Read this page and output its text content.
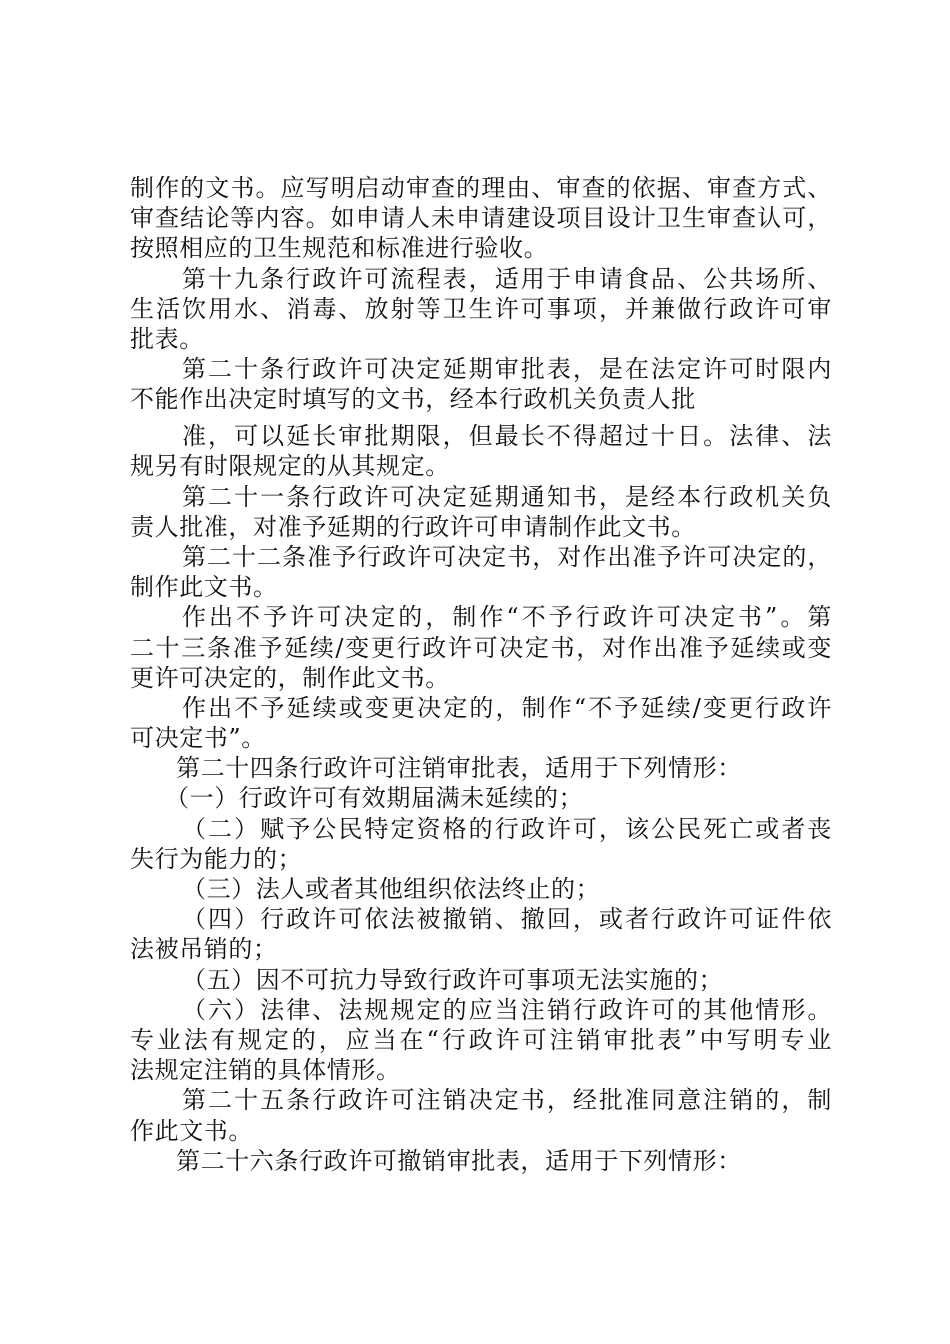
制作的文书。应写明启动审查的理由、审查的依据、审查方式、
审查结论等内容。如申请人未申请建设项目设计卫生审查认可，
按照相应的卫生规范和标准进行验收。
第十九条行政许可流程表，适用于申请食品、公共场所、
生活饮用水、消毒、放射等卫生许可事项，并兼做行政许可审
批表。
第二十条行政许可决定延期审批表，是在法定许可时限内
不能作出决定时填写的文书，经本行政机关负责人批
准，可以延长审批期限，但最长不得超过十日。法律、法
规另有时限规定的从其规定。
第二十一条行政许可决定延期通知书，是经本行政机关负
责人批准，对准予延期的行政许可申请制作此文书。
第二十二条准予行政许可决定书，对作出准予许可决定的，
制作此文书。
作出不予许可决定的，制作“不予行政许可决定书”。第
二十三条准予延续/变更行政许可决定书，对作出准予延续或变
更许可决定的，制作此文书。
作出不予延续或变更决定的，制作“不予延续/变更行政许
可决定书”。
第二十四条行政许可注销审批表，适用于下列情形：
（一）行政许可有效期届满未延续的；
（二）赋予公民特定资格的行政许可，该公民死亡或者丧
失行为能力的；
（三）法人或者其他组织依法终止的；
（四）行政许可依法被撤销、撤回，或者行政许可证件依
法被吊销的；
（五）因不可抗力导致行政许可事项无法实施的；
（六）法律、法规规定的应当注销行政许可的其他情形。
专业法有规定的，应当在“行政许可注销审批表”中写明专业
法规定注销的具体情形。
第二十五条行政许可注销决定书，经批准同意注销的，制
作此文书。
第二十六条行政许可撤销审批表，适用于下列情形：
